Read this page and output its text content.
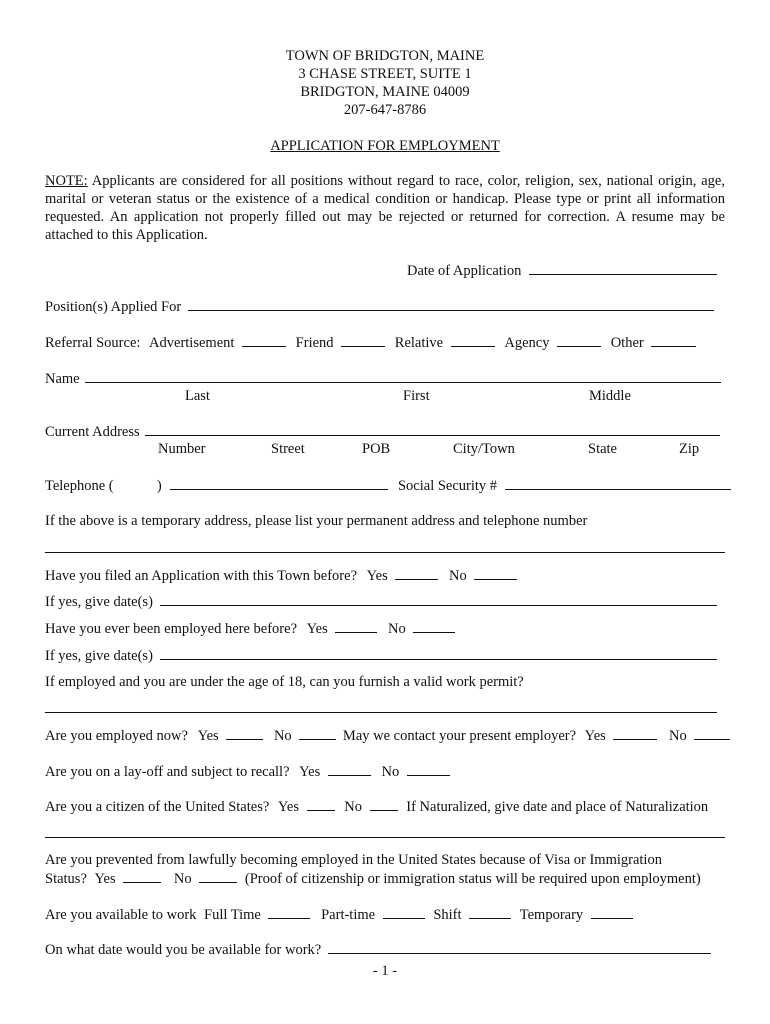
TOWN OF BRIDGTON, MAINE
3 CHASE STREET, SUITE 1
BRIDGTON, MAINE 04009
207-647-8786
APPLICATION FOR EMPLOYMENT
NOTE: Applicants are considered for all positions without regard to race, color, religion, sex, national origin, age, marital or veteran status or the existence of a medical condition or handicap. Please type or print all information requested. An application not properly filled out may be rejected or returned for correction. A resume may be attached to this Application.
Date of Application
Position(s) Applied For
Referral Source: Advertisement	Friend	Relative	Agency	Other
Name
Last	First	Middle
Current Address
Number	Street	POB	City/Town	State	Zip
Telephone (	)	Social Security #
If the above is a temporary address, please list your permanent address and telephone number
Have you filed an Application with this Town before? Yes	No
If yes, give date(s)
Have you ever been employed here before? Yes	No
If yes, give date(s)
If employed and you are under the age of 18, can you furnish a valid work permit?
Are you employed now? Yes	No	May we contact your present employer? Yes	No
Are you on a lay-off and subject to recall? Yes	No
Are you a citizen of the United States? Yes	No	If Naturalized, give date and place of Naturalization
Are you prevented from lawfully becoming employed in the United States because of Visa or Immigration
Status? Yes	No	(Proof of citizenship or immigration status will be required upon employment)
Are you available to work Full Time	Part-time	Shift	Temporary
On what date would you be available for work?
- 1 -
